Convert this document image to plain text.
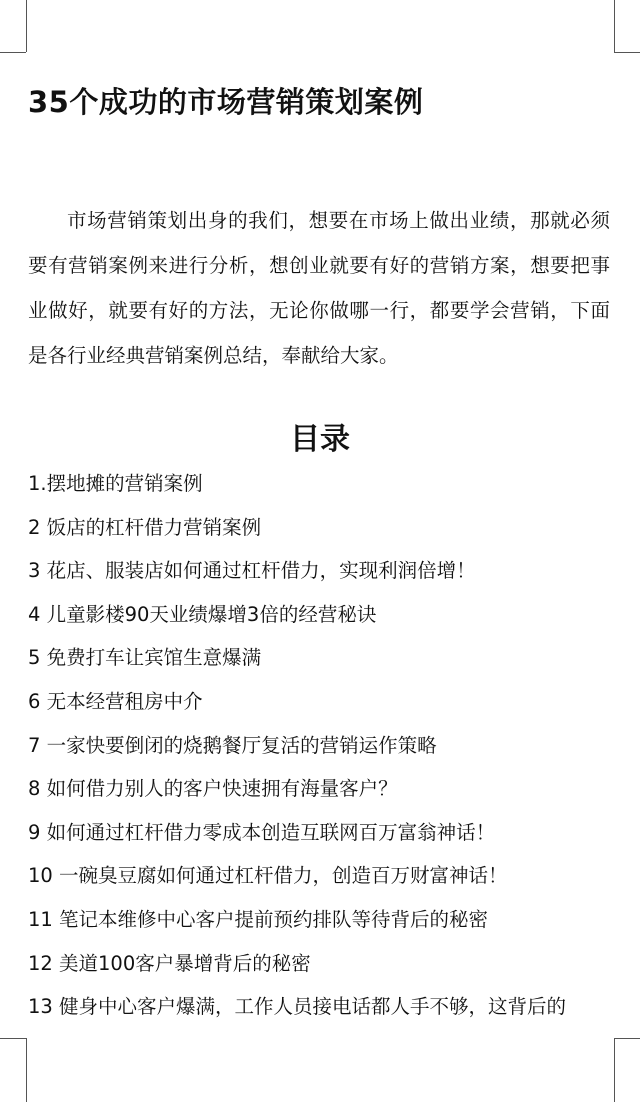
35个成功的市场营销策划案例

市场营销策划出身的我们，想要在市场上做出业绩，那就必须要有营销案例来进行分析，想创业就要有好的营销方案，想要把事业做好，就要有好的方法，无论你做哪一行，都要学会营销，下面是各行业经典营销案例总结，奉献给大家。

目录
1.摆地摊的营销案例
2 饭店的杠杆借力营销案例
3 花店、服装店如何通过杠杆借力，实现利润倍增！
4 儿童影楼90天业绩爆增3倍的经营秘诀
5 免费打车让宾馆生意爆满
6 无本经营租房中介
7 一家快要倒闭的烧鹅餐厅复活的营销运作策略
8 如何借力别人的客户快速拥有海量客户？
9 如何通过杠杆借力零成本创造互联网百万富翁神话！
10 一碗臭豆腐如何通过杠杆借力，创造百万财富神话！
11 笔记本维修中心客户提前预约排队等待背后的秘密
12 美道100客户暴增背后的秘密
13 健身中心客户爆满，工作人员接电话都人手不够，这背后的
